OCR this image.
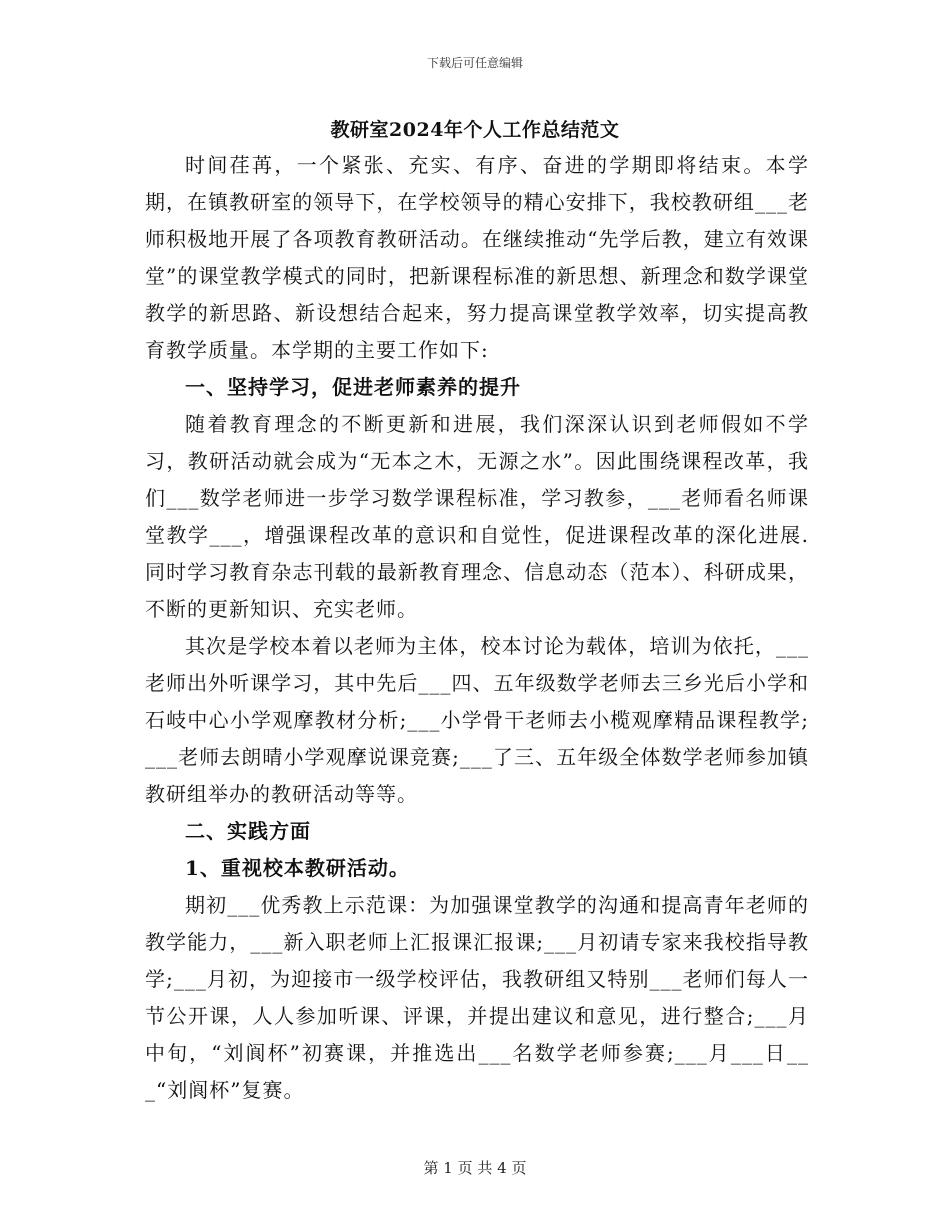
下载后可任意编辑
教研室2024年个人工作总结范文

时间荏苒，一个紧张、充实、有序、奋进的学期即将结束。本学期，在镇教研室的领导下，在学校领导的精心安排下，我校教研组___老师积极地开展了各项教育教研活动。在继续推动“先学后教，建立有效课堂”的课堂教学模式的同时，把新课程标准的新思想、新理念和数学课堂教学的新思路、新设想结合起来，努力提高课堂教学效率，切实提高教育教学质量。本学期的主要工作如下:

一、坚持学习，促进老师素养的提升

随着教育理念的不断更新和进展，我们深深认识到老师假如不学习，教研活动就会成为“无本之木，无源之水”。因此围绕课程改革，我们___数学老师进一步学习数学课程标准，学习教参，___老师看名师课堂教学___，增强课程改革的意识和自觉性，促进课程改革的深化进展.同时学习教育杂志刊载的最新教育理念、信息动态（范本）、科研成果，不断的更新知识、充实老师。

其次是学校本着以老师为主体，校本讨论为载体，培训为依托，___老师出外听课学习，其中先后___四、五年级数学老师去三乡光后小学和石岐中心小学观摩教材分析;___小学骨干老师去小榄观摩精品课程教学;___老师去朗晴小学观摩说课竞赛;___了三、五年级全体数学老师参加镇教研组举办的教研活动等等。

二、实践方面

1、重视校本教研活动。

期初___优秀教上示范课：为加强课堂教学的沟通和提高青年老师的教学能力，___新入职老师上汇报课汇报课;___月初请专家来我校指导教学;___月初，为迎接市一级学校评估，我教研组又特别___老师们每人一节公开课，人人参加听课、评课，并提出建议和意见，进行整合;___月中旬，“刘阆杯”初赛课，并推选出___名数学老师参赛;___月___日___“刘阆杯”复赛。

第 1 页 共 4 页
